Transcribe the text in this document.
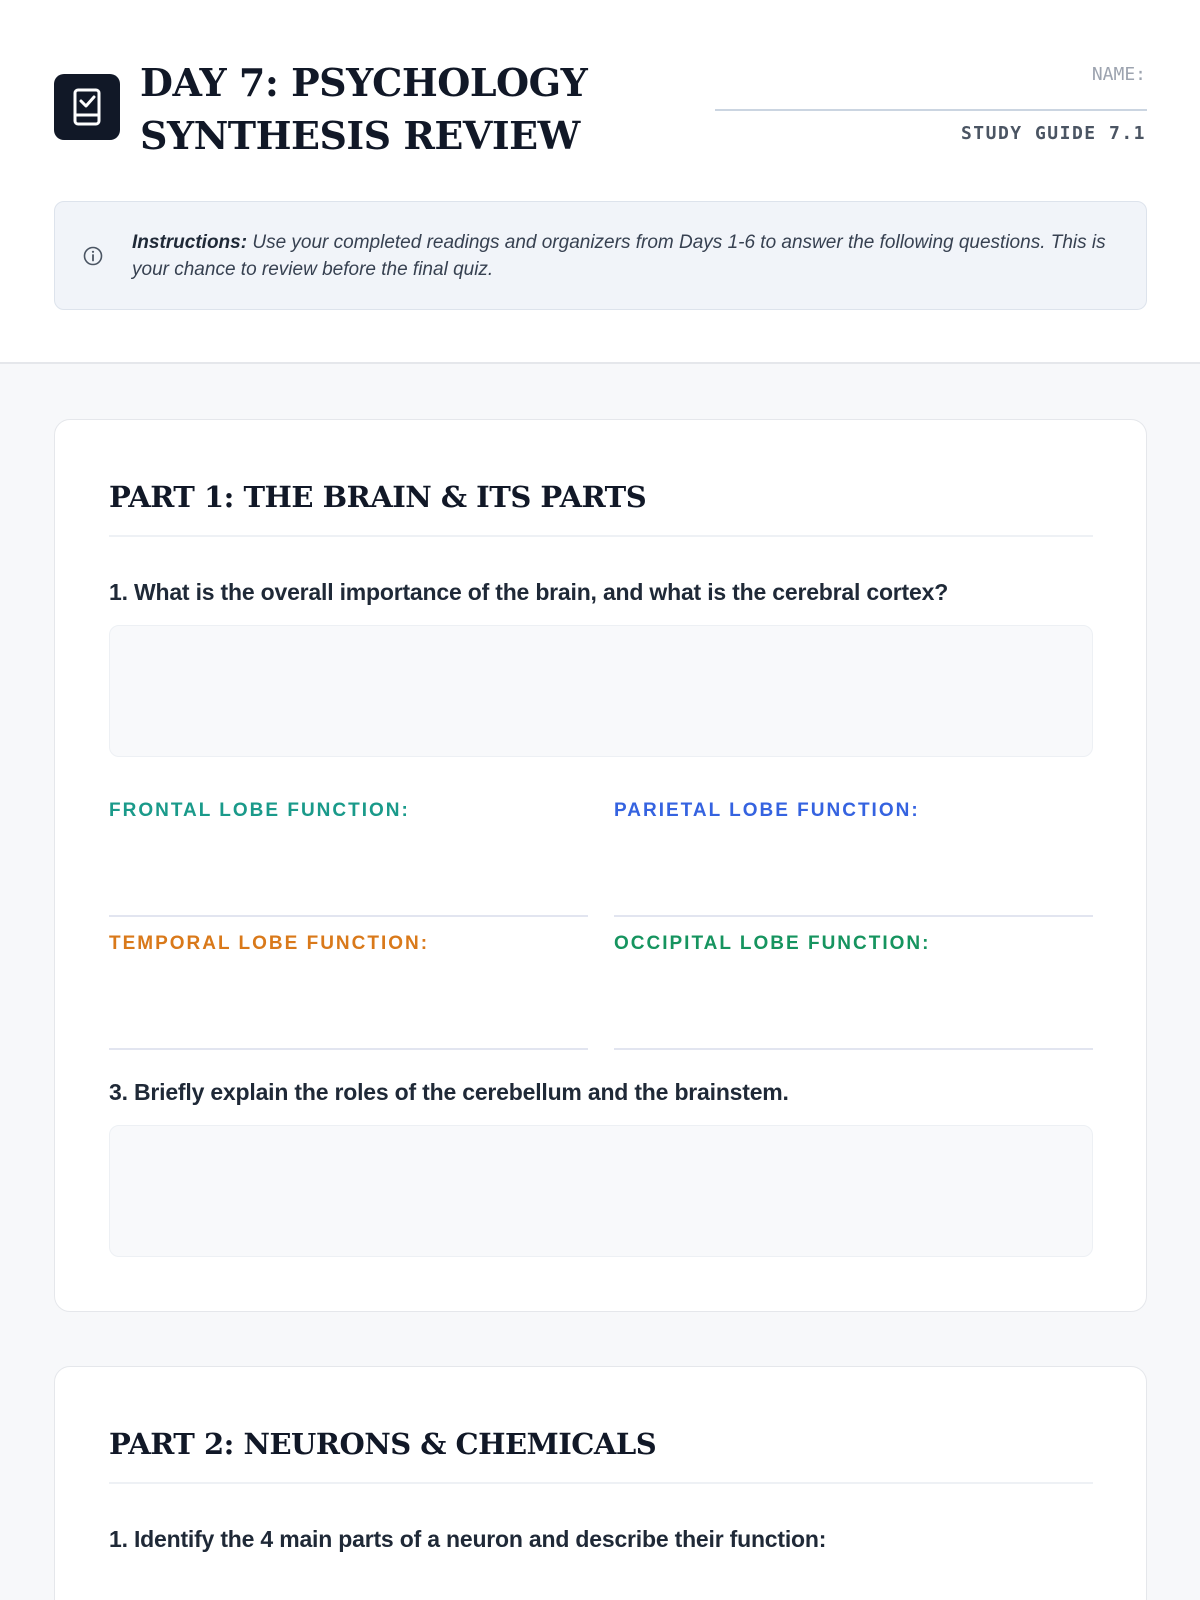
DAY 7: PSYCHOLOGY
SYNTHESIS REVIEW
NAME:
STUDY GUIDE 7.1
Instructions: Use your completed readings and organizers from Days 1-6 to answer the following questions. This is your chance to review before the final quiz.
PART 1: THE BRAIN & ITS PARTS
1. What is the overall importance of the brain, and what is the cerebral cortex?
FRONTAL LOBE FUNCTION:	PARIETAL LOBE FUNCTION:
TEMPORAL LOBE FUNCTION:	OCCIPITAL LOBE FUNCTION:
3. Briefly explain the roles of the cerebellum and the brainstem.
PART 2: NEURONS & CHEMICALS
1. Identify the 4 main parts of a neuron and describe their function:
